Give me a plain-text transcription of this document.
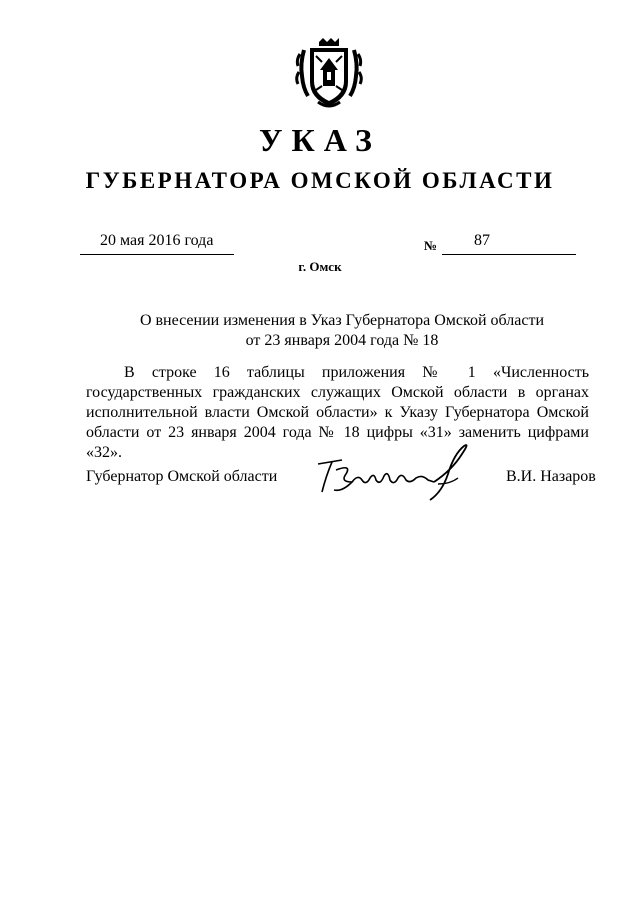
УКАЗ
ГУБЕРНАТОРА ОМСКОЙ ОБЛАСТИ
20 мая 2016 года	№ 87
г. Омск
О внесении изменения в Указ Губернатора Омской области
от 23 января 2004 года № 18
В строке 16 таблицы приложения № 1 «Численность государственных гражданских служащих Омской области в органах исполнительной власти Омской области» к Указу Губернатора Омской области от 23 января 2004 года № 18 цифры «31» заменить цифрами «32».
Губернатор Омской области	В.И. Назаров
